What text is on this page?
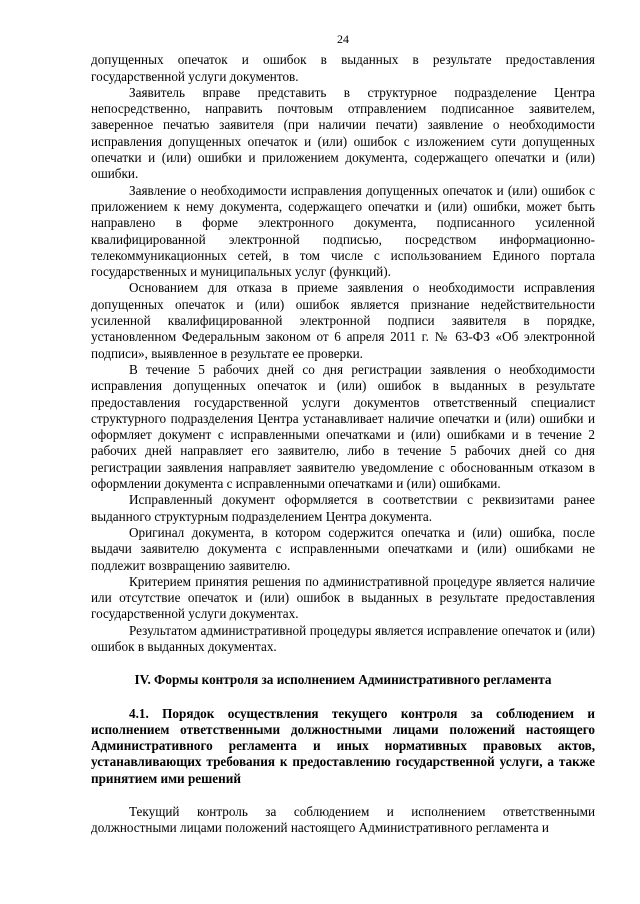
24

допущенных опечаток и ошибок в выданных в результате предоставления государственной услуги документов.

Заявитель вправе представить в структурное подразделение Центра непосредственно, направить почтовым отправлением подписанное заявителем, заверенное печатью заявителя (при наличии печати) заявление о необходимости исправления допущенных опечаток и (или) ошибок с изложением сути допущенных опечатки и (или) ошибки и приложением документа, содержащего опечатки и (или) ошибки.

Заявление о необходимости исправления допущенных опечаток и (или) ошибок с приложением к нему документа, содержащего опечатки и (или) ошибки, может быть направлено в форме электронного документа, подписанного усиленной квалифицированной электронной подписью, посредством информационно-телекоммуникационных сетей, в том числе с использованием Единого портала государственных и муниципальных услуг (функций).

Основанием для отказа в приеме заявления о необходимости исправления допущенных опечаток и (или) ошибок является признание недействительности усиленной квалифицированной электронной подписи заявителя в порядке, установленном Федеральным законом от 6 апреля 2011 г. № 63-ФЗ «Об электронной подписи», выявленное в результате ее проверки.

В течение 5 рабочих дней со дня регистрации заявления о необходимости исправления допущенных опечаток и (или) ошибок в выданных в результате предоставления государственной услуги документов ответственный специалист структурного подразделения Центра устанавливает наличие опечатки и (или) ошибки и оформляет документ с исправленными опечатками и (или) ошибками и в течение 2 рабочих дней направляет его заявителю, либо в течение 5 рабочих дней со дня регистрации заявления направляет заявителю уведомление с обоснованным отказом в оформлении документа с исправленными опечатками и (или) ошибками.

Исправленный документ оформляется в соответствии с реквизитами ранее выданного структурным подразделением Центра документа.

Оригинал документа, в котором содержится опечатка и (или) ошибка, после выдачи заявителю документа с исправленными опечатками и (или) ошибками не подлежит возвращению заявителю.

Критерием принятия решения по административной процедуре является наличие или отсутствие опечаток и (или) ошибок в выданных в результате предоставления государственной услуги документах.

Результатом административной процедуры является исправление опечаток и (или) ошибок в выданных документах.

IV. Формы контроля за исполнением Административного регламента

4.1. Порядок осуществления текущего контроля за соблюдением и исполнением ответственными должностными лицами положений настоящего Административного регламента и иных нормативных правовых актов, устанавливающих требования к предоставлению государственной услуги, а также принятием ими решений

Текущий контроль за соблюдением и исполнением ответственными должностными лицами положений настоящего Административного регламента и
